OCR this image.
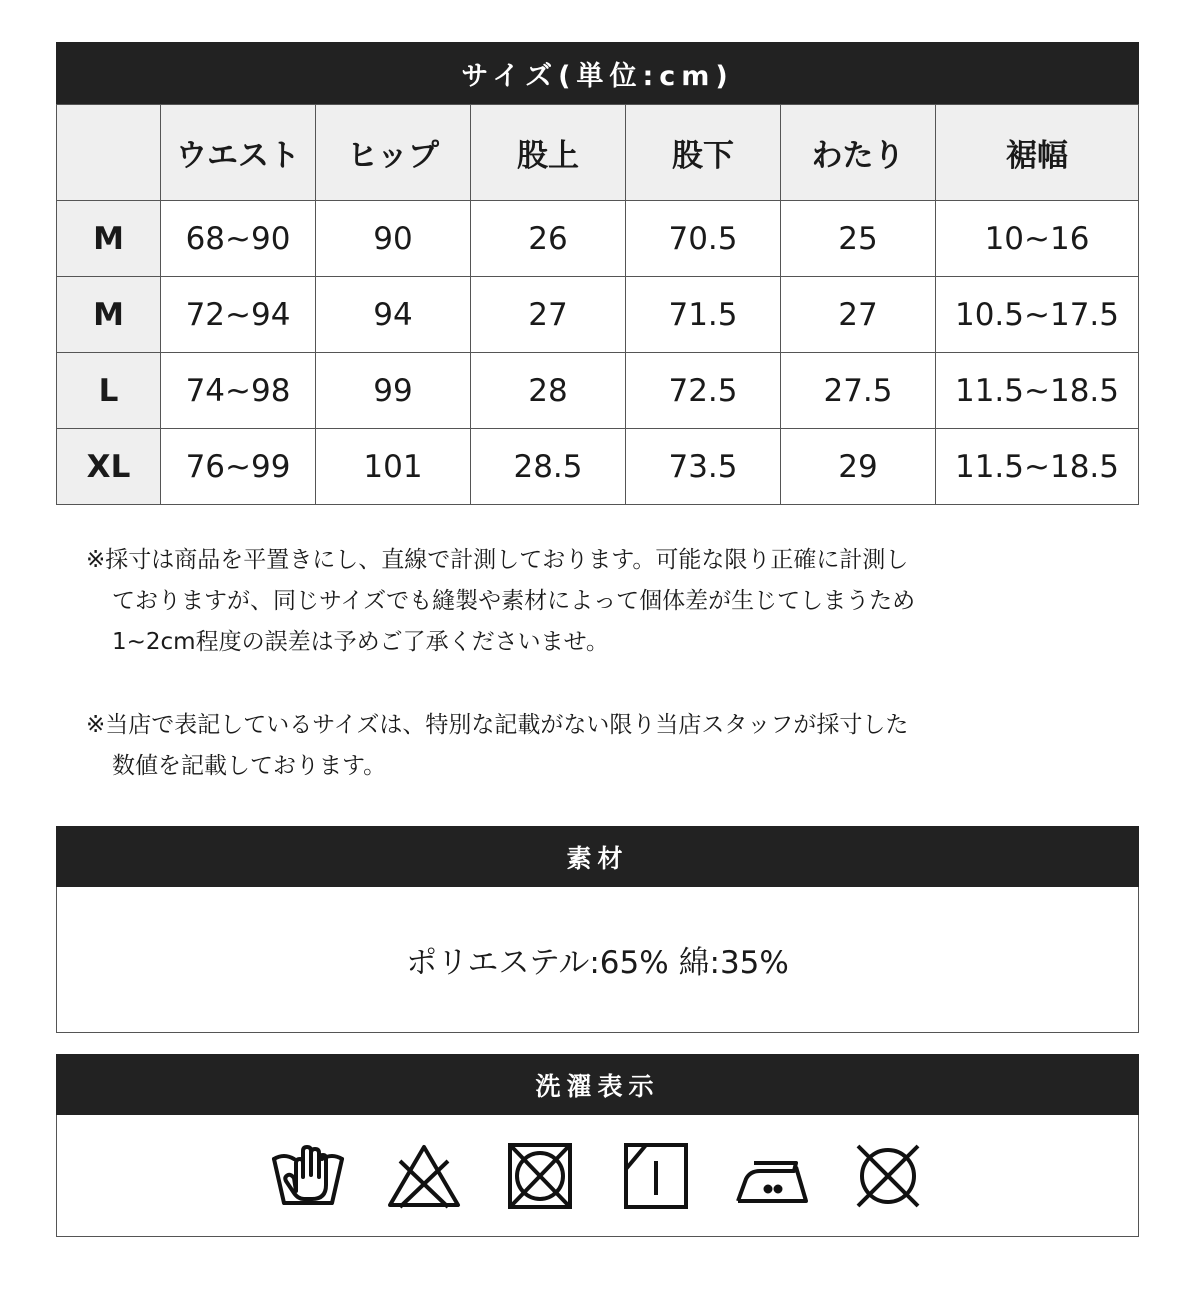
サイズ(単位:cm)
	ウエスト	ヒップ	股上	股下	わたり	裾幅
M	68~90	90	26	70.5	25	10~16
M	72~94	94	27	71.5	27	10.5~17.5
L	74~98	99	28	72.5	27.5	11.5~18.5
XL	76~99	101	28.5	73.5	29	11.5~18.5
※採寸は商品を平置きにし、直線で計測しております。可能な限り正確に計測し
ておりますが、同じサイズでも縫製や素材によって個体差が生じてしまうため
1~2cm程度の誤差は予めご了承くださいませ。
※当店で表記しているサイズは、特別な記載がない限り当店スタッフが採寸した
数値を記載しております。
素材
ポリエステル:65% 綿:35%
洗濯表示
